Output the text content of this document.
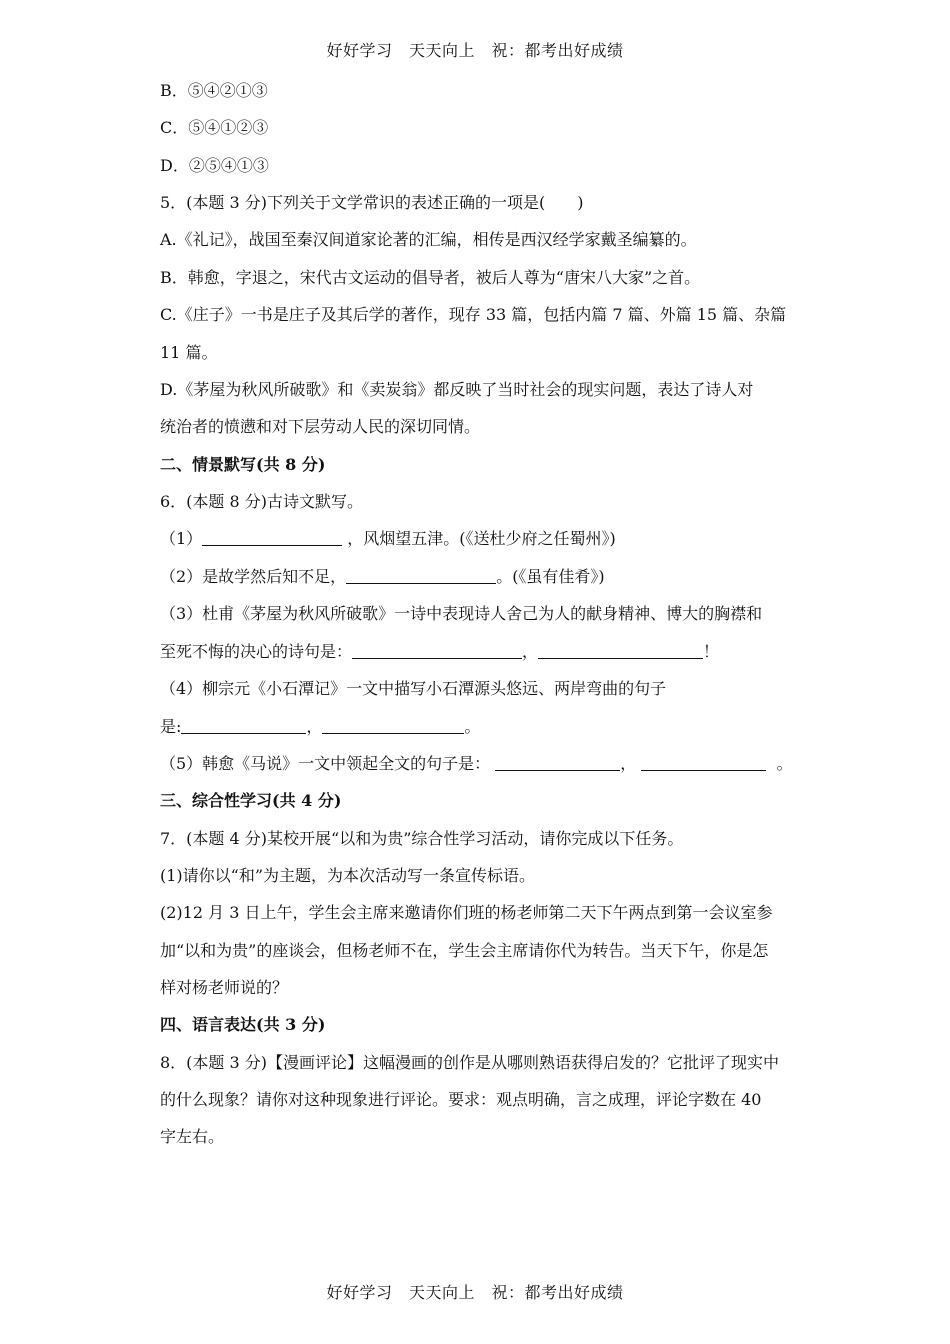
好好学习　天天向上　祝：都考出好成绩
B．⑤④②①③
C．⑤④①②③
D．②⑤④①③
5．(本题 3 分)下列关于文学常识的表述正确的一项是(　　)
A.《礼记》，战国至秦汉间道家论著的汇编，相传是西汉经学家戴圣编纂的。
B．韩愈，字退之，宋代古文运动的倡导者，被后人尊为“唐宋八大家”之首。
C.《庄子》一书是庄子及其后学的著作，现存 33 篇，包括内篇 7 篇、外篇 15 篇、杂篇
11 篇。
D.《茅屋为秋风所破歌》和《卖炭翁》都反映了当时社会的现实问题，表达了诗人对
统治者的愤懑和对下层劳动人民的深切同情。
二、情景默写(共 8 分)
6．(本题 8 分)古诗文默写。
（1）	，风烟望五津。(《送杜少府之任蜀州》)
（2）是故学然后知不足，	。(《虽有佳肴》)
（3）杜甫《茅屋为秋风所破歌》一诗中表现诗人舍己为人的献身精神、博大的胸襟和
至死不悔的决心的诗句是：	，	！
（4）柳宗元《小石潭记》一文中描写小石潭源头悠远、两岸弯曲的句子
是:	，	。
（5）韩愈《马说》一文中领起全文的句子是：	，	。
三、综合性学习(共 4 分)
7．(本题 4 分)某校开展“以和为贵”综合性学习活动，请你完成以下任务。
(1)请你以“和”为主题，为本次活动写一条宣传标语。
(2)12 月 3 日上午，学生会主席来邀请你们班的杨老师第二天下午两点到第一会议室参
加“以和为贵”的座谈会，但杨老师不在，学生会主席请你代为转告。当天下午，你是怎
样对杨老师说的？
四、语言表达(共 3 分)
8．(本题 3 分)【漫画评论】这幅漫画的创作是从哪则熟语获得启发的？它批评了现实中
的什么现象？请你对这种现象进行评论。要求：观点明确，言之成理，评论字数在 40
字左右。
好好学习　天天向上　祝：都考出好成绩
